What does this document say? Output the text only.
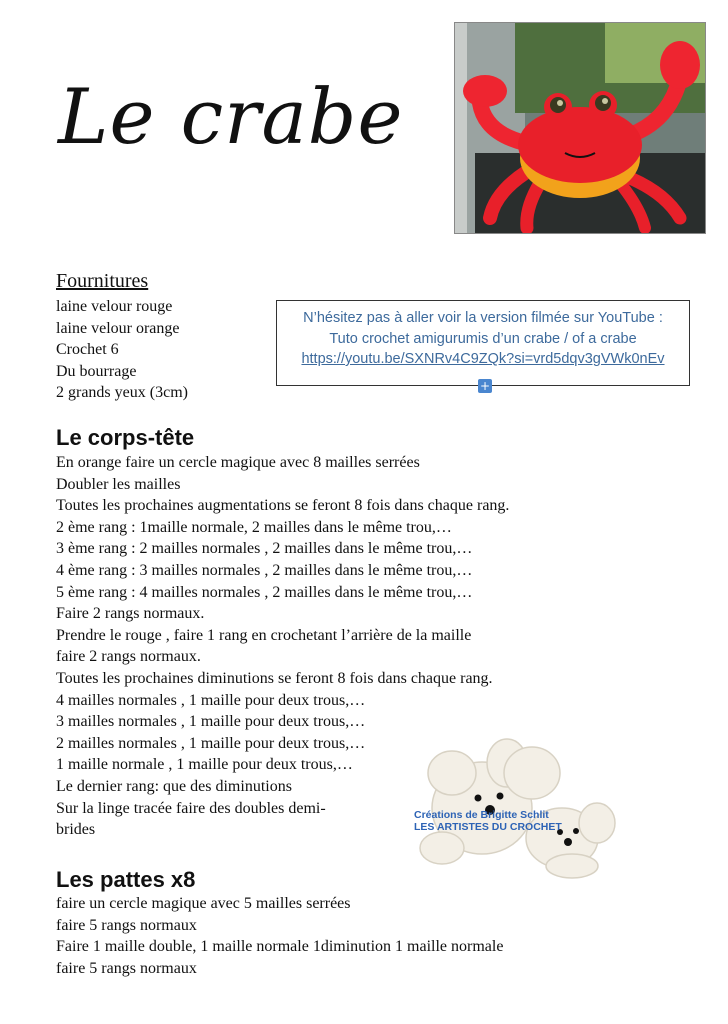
Le crabe
Fournitures
laine velour rouge
laine velour orange
Crochet 6
Du bourrage
2 grands yeux (3cm)
N’hésitez pas à aller voir la version filmée sur YouTube :
Tuto crochet amigurumis d’un crabe / of a crabe
https://youtu.be/SXNRv4C9ZQk?si=vrd5dqv3gVWk0nEv
+
Le corps-tête
En orange faire un cercle magique avec 8 mailles serrées
Doubler les mailles
Toutes les prochaines augmentations se feront 8 fois dans chaque rang.
2 ème rang : 1maille normale, 2 mailles dans le même trou,…
3 ème rang : 2 mailles normales , 2 mailles dans le même trou,…
4 ème rang : 3 mailles normales , 2 mailles dans le même trou,…
5 ème rang : 4 mailles normales , 2 mailles dans le même trou,…
Faire 2 rangs normaux.
Prendre le rouge , faire 1 rang en crochetant l’arrière de la maille
faire 2 rangs normaux.
Toutes les prochaines diminutions se feront 8 fois dans chaque rang.
4 mailles normales , 1 maille pour deux trous,…
3 mailles normales , 1 maille pour deux trous,…
2 mailles normales , 1 maille pour deux trous,…
1 maille normale , 1 maille pour deux trous,…
Le dernier rang: que des diminutions
Sur la linge tracée faire des doubles demi-
brides
Créations de Brigitte Schlit
LES ARTISTES DU CROCHET
Les pattes x8
faire un cercle magique avec 5 mailles serrées
faire 5 rangs normaux
Faire 1 maille double, 1 maille normale 1diminution 1 maille normale
faire 5 rangs normaux
